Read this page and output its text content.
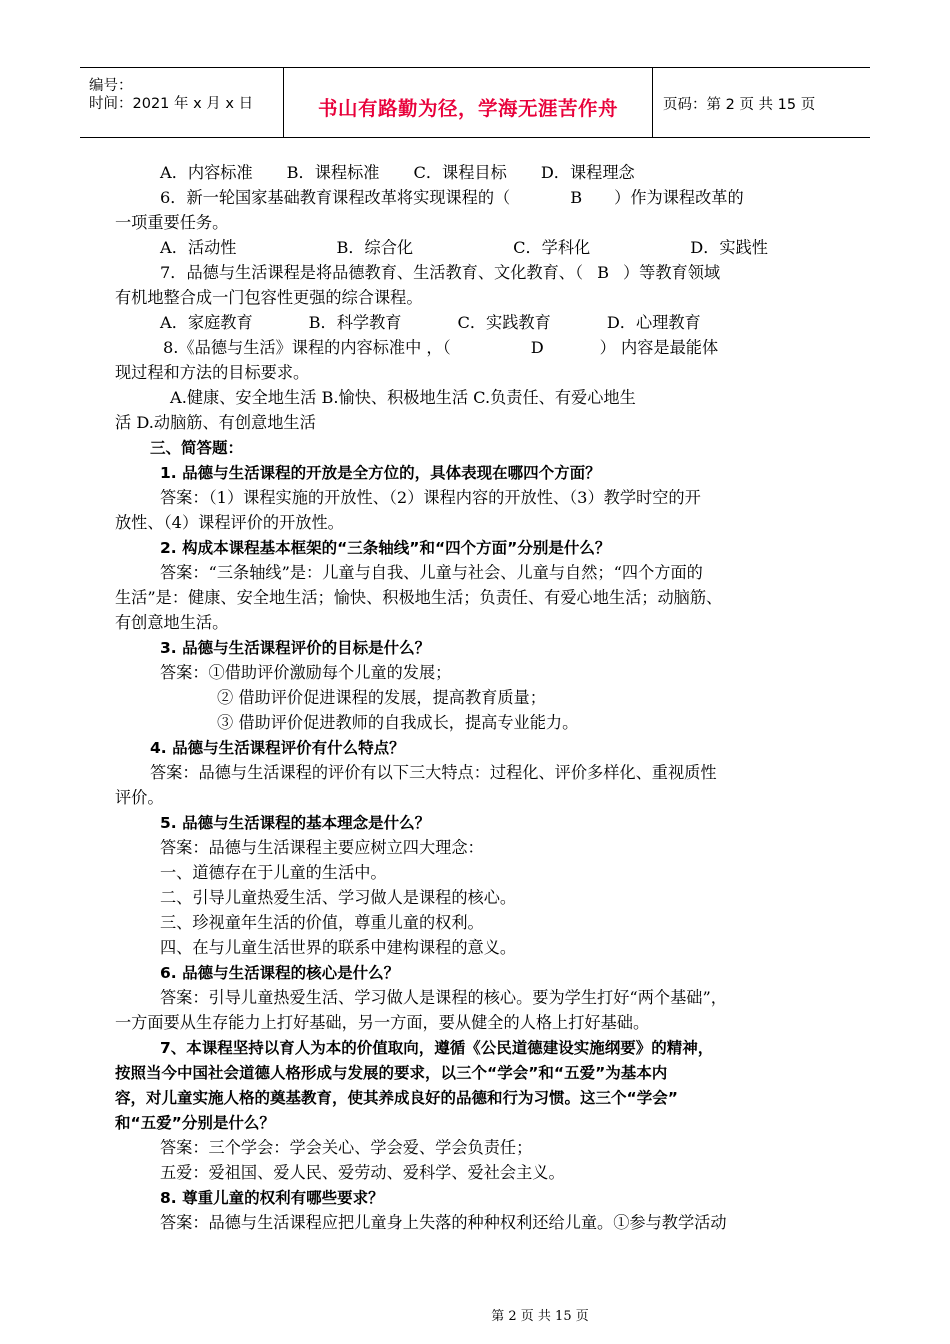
编号：
时间：2021 年 x 月 x 日	书山有路勤为径，学海无涯苦作舟	页码：第 2 页 共 15 页
A．内容标准 B．课程标准 C．课程目标 D．课程理念
6．新一轮国家基础教育课程改革将实现课程的（	B ）作为课程改革的
一项重要任务。
A．活动性	B．综合化	C．学科化	D．实践性
7．品德与生活课程是将品德教育、生活教育、文化教育、（ B ）等教育领域
有机地整合成一门包容性更强的综合课程。
A．家庭教育	B．科学教育	C．实践教育	D．心理教育
8.《品德与生活》课程的内容标准中 ，（	D	） 内容是最能体
现过程和方法的目标要求。
A.健康、安全地生活 B.愉快、积极地生活 C.负责任、有爱心地生
活 D.动脑筋、有创意地生活
三、简答题：
1. 品德与生活课程的开放是全方位的，具体表现在哪四个方面？
答案：（1）课程实施的开放性、（2）课程内容的开放性、（3）教学时空的开
放性、（4）课程评价的开放性。
2. 构成本课程基本框架的“三条轴线”和“四个方面”分别是什么？
答案：“三条轴线”是：儿童与自我、儿童与社会、儿童与自然；“四个方面的
生活”是：健康、安全地生活；愉快、积极地生活；负责任、有爱心地生活；动脑筋、
有创意地生活。
3. 品德与生活课程评价的目标是什么？
答案：①借助评价激励每个儿童的发展；
② 借助评价促进课程的发展，提高教育质量；
③ 借助评价促进教师的自我成长，提高专业能力。
4. 品德与生活课程评价有什么特点？
答案：品德与生活课程的评价有以下三大特点：过程化、评价多样化、重视质性
评价。
5. 品德与生活课程的基本理念是什么？
答案：品德与生活课程主要应树立四大理念：
一、道德存在于儿童的生活中。
二、引导儿童热爱生活、学习做人是课程的核心。
三、珍视童年生活的价值，尊重儿童的权利。
四、在与儿童生活世界的联系中建构课程的意义。
6. 品德与生活课程的核心是什么？
答案：引导儿童热爱生活、学习做人是课程的核心。要为学生打好“两个基础”，
一方面要从生存能力上打好基础，另一方面，要从健全的人格上打好基础。
7、本课程坚持以育人为本的价值取向，遵循《公民道德建设实施纲要》的精神，
按照当今中国社会道德人格形成与发展的要求，以三个“学会”和“五爱”为基本内
容，对儿童实施人格的奠基教育，使其养成良好的品德和行为习惯。这三个“学会”
和“五爱”分别是什么？
答案：三个学会：学会关心、学会爱、学会负责任；
五爱：爱祖国、爱人民、爱劳动、爱科学、爱社会主义。
8. 尊重儿童的权利有哪些要求？
答案：品德与生活课程应把儿童身上失落的种种权利还给儿童。①参与教学活动
第 2 页 共 15 页
